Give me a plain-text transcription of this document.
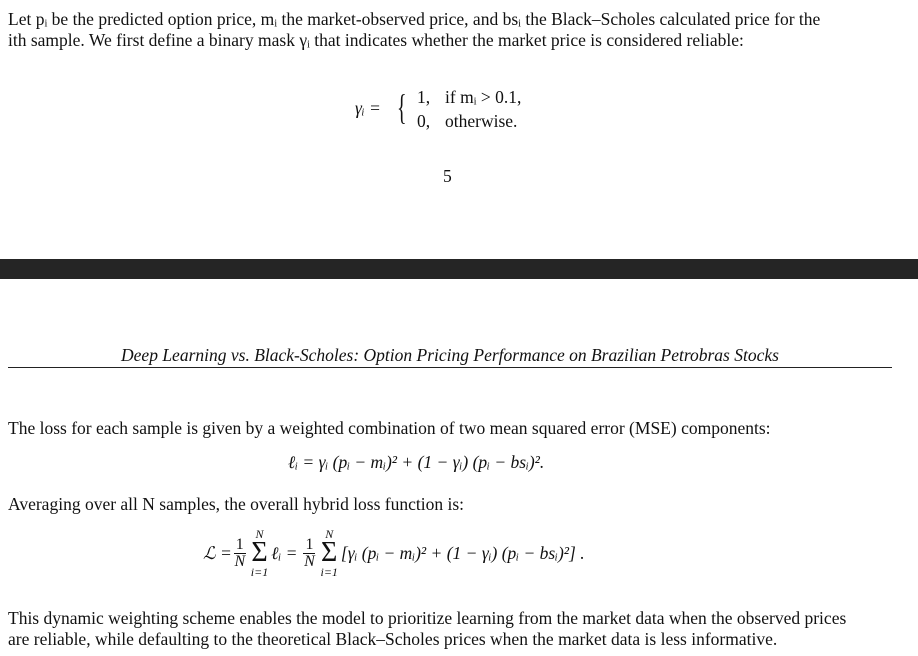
Let pᵢ be the predicted option price, mᵢ the market-observed price, and bsᵢ the Black–Scholes calculated price for the
ith sample. We first define a binary mask γᵢ that indicates whether the market price is considered reliable:
γᵢ = { 1, if mᵢ > 0.1,
0, otherwise.
5
Deep Learning vs. Black-Scholes: Option Pricing Performance on Brazilian Petrobras Stocks
The loss for each sample is given by a weighted combination of two mean squared error (MSE) components:
ℓᵢ = γᵢ (pᵢ − mᵢ)² + (1 − γᵢ) (pᵢ − bsᵢ)².
Averaging over all N samples, the overall hybrid loss function is:
ℒ = $\frac{1}{N}$
N
Σ
i=1
ℓᵢ = $\frac{1}{N}$
N
Σ
i=1
[γᵢ (pᵢ − mᵢ)² + (1 − γᵢ) (pᵢ − bsᵢ)²] .
This dynamic weighting scheme enables the model to prioritize learning from the market data when the observed prices
are reliable, while defaulting to the theoretical Black–Scholes prices when the market data is less informative.
